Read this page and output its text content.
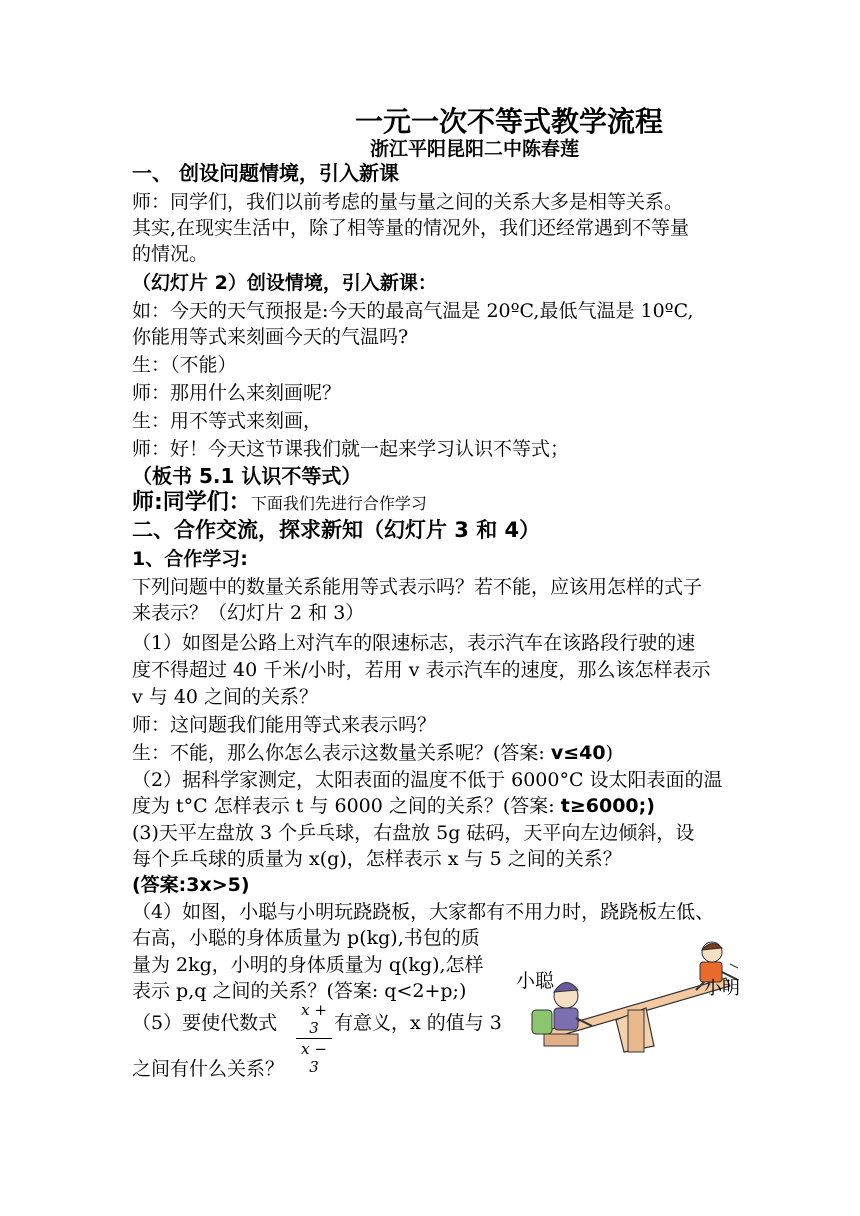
一元一次不等式教学流程
浙江平阳昆阳二中陈春莲
一、 创设问题情境，引入新课
师：同学们，我们以前考虑的量与量之间的关系大多是相等关系。
其实,在现实生活中，除了相等量的情况外，我们还经常遇到不等量
的情况。
（幻灯片 2）创设情境，引入新课：
如：今天的天气预报是:今天的最高气温是 20ºC,最低气温是 10ºC,
你能用等式来刻画今天的气温吗?
生：（不能）
师：那用什么来刻画呢？
生：用不等式来刻画，
师：好！今天这节课我们就一起来学习认识不等式；
（板书 5.1 认识不等式）
师:同学们：下面我们先进行合作学习
二、合作交流，探求新知（幻灯片 3 和 4）
1、合作学习:
下列问题中的数量关系能用等式表示吗？若不能，应该用怎样的式子
来表示？（幻灯片 2 和 3）
（1）如图是公路上对汽车的限速标志，表示汽车在该路段行驶的速
度不得超过 40 千米/小时，若用 v 表示汽车的速度，那么该怎样表示
v 与 40 之间的关系？
师：这问题我们能用等式来表示吗？
生：不能，那么你怎么表示这数量关系呢？(答案: v≤40)
（2）据科学家测定，太阳表面的温度不低于 6000°C 设太阳表面的温
度为 t°C 怎样表示 t 与 6000 之间的关系？(答案: t≥6000;)
(3)天平左盘放 3 个乒乓球，右盘放 5g 砝码，天平向左边倾斜，设
每个乒乓球的质量为 x(g)，怎样表示 x 与 5 之间的关系？
(答案:3x>5)
（4）如图，小聪与小明玩跷跷板，大家都有不用力时，跷跷板左低、
右高，小聪的身体质量为 p(kg),书包的质
量为 2kg，小明的身体质量为 q(kg),怎样
表示 p,q 之间的关系？(答案: q<2+p;)
（5）要使代数式
x + 3
x − 3
有意义，x 的值与 3
之间有什么关系？
小聪	小明
